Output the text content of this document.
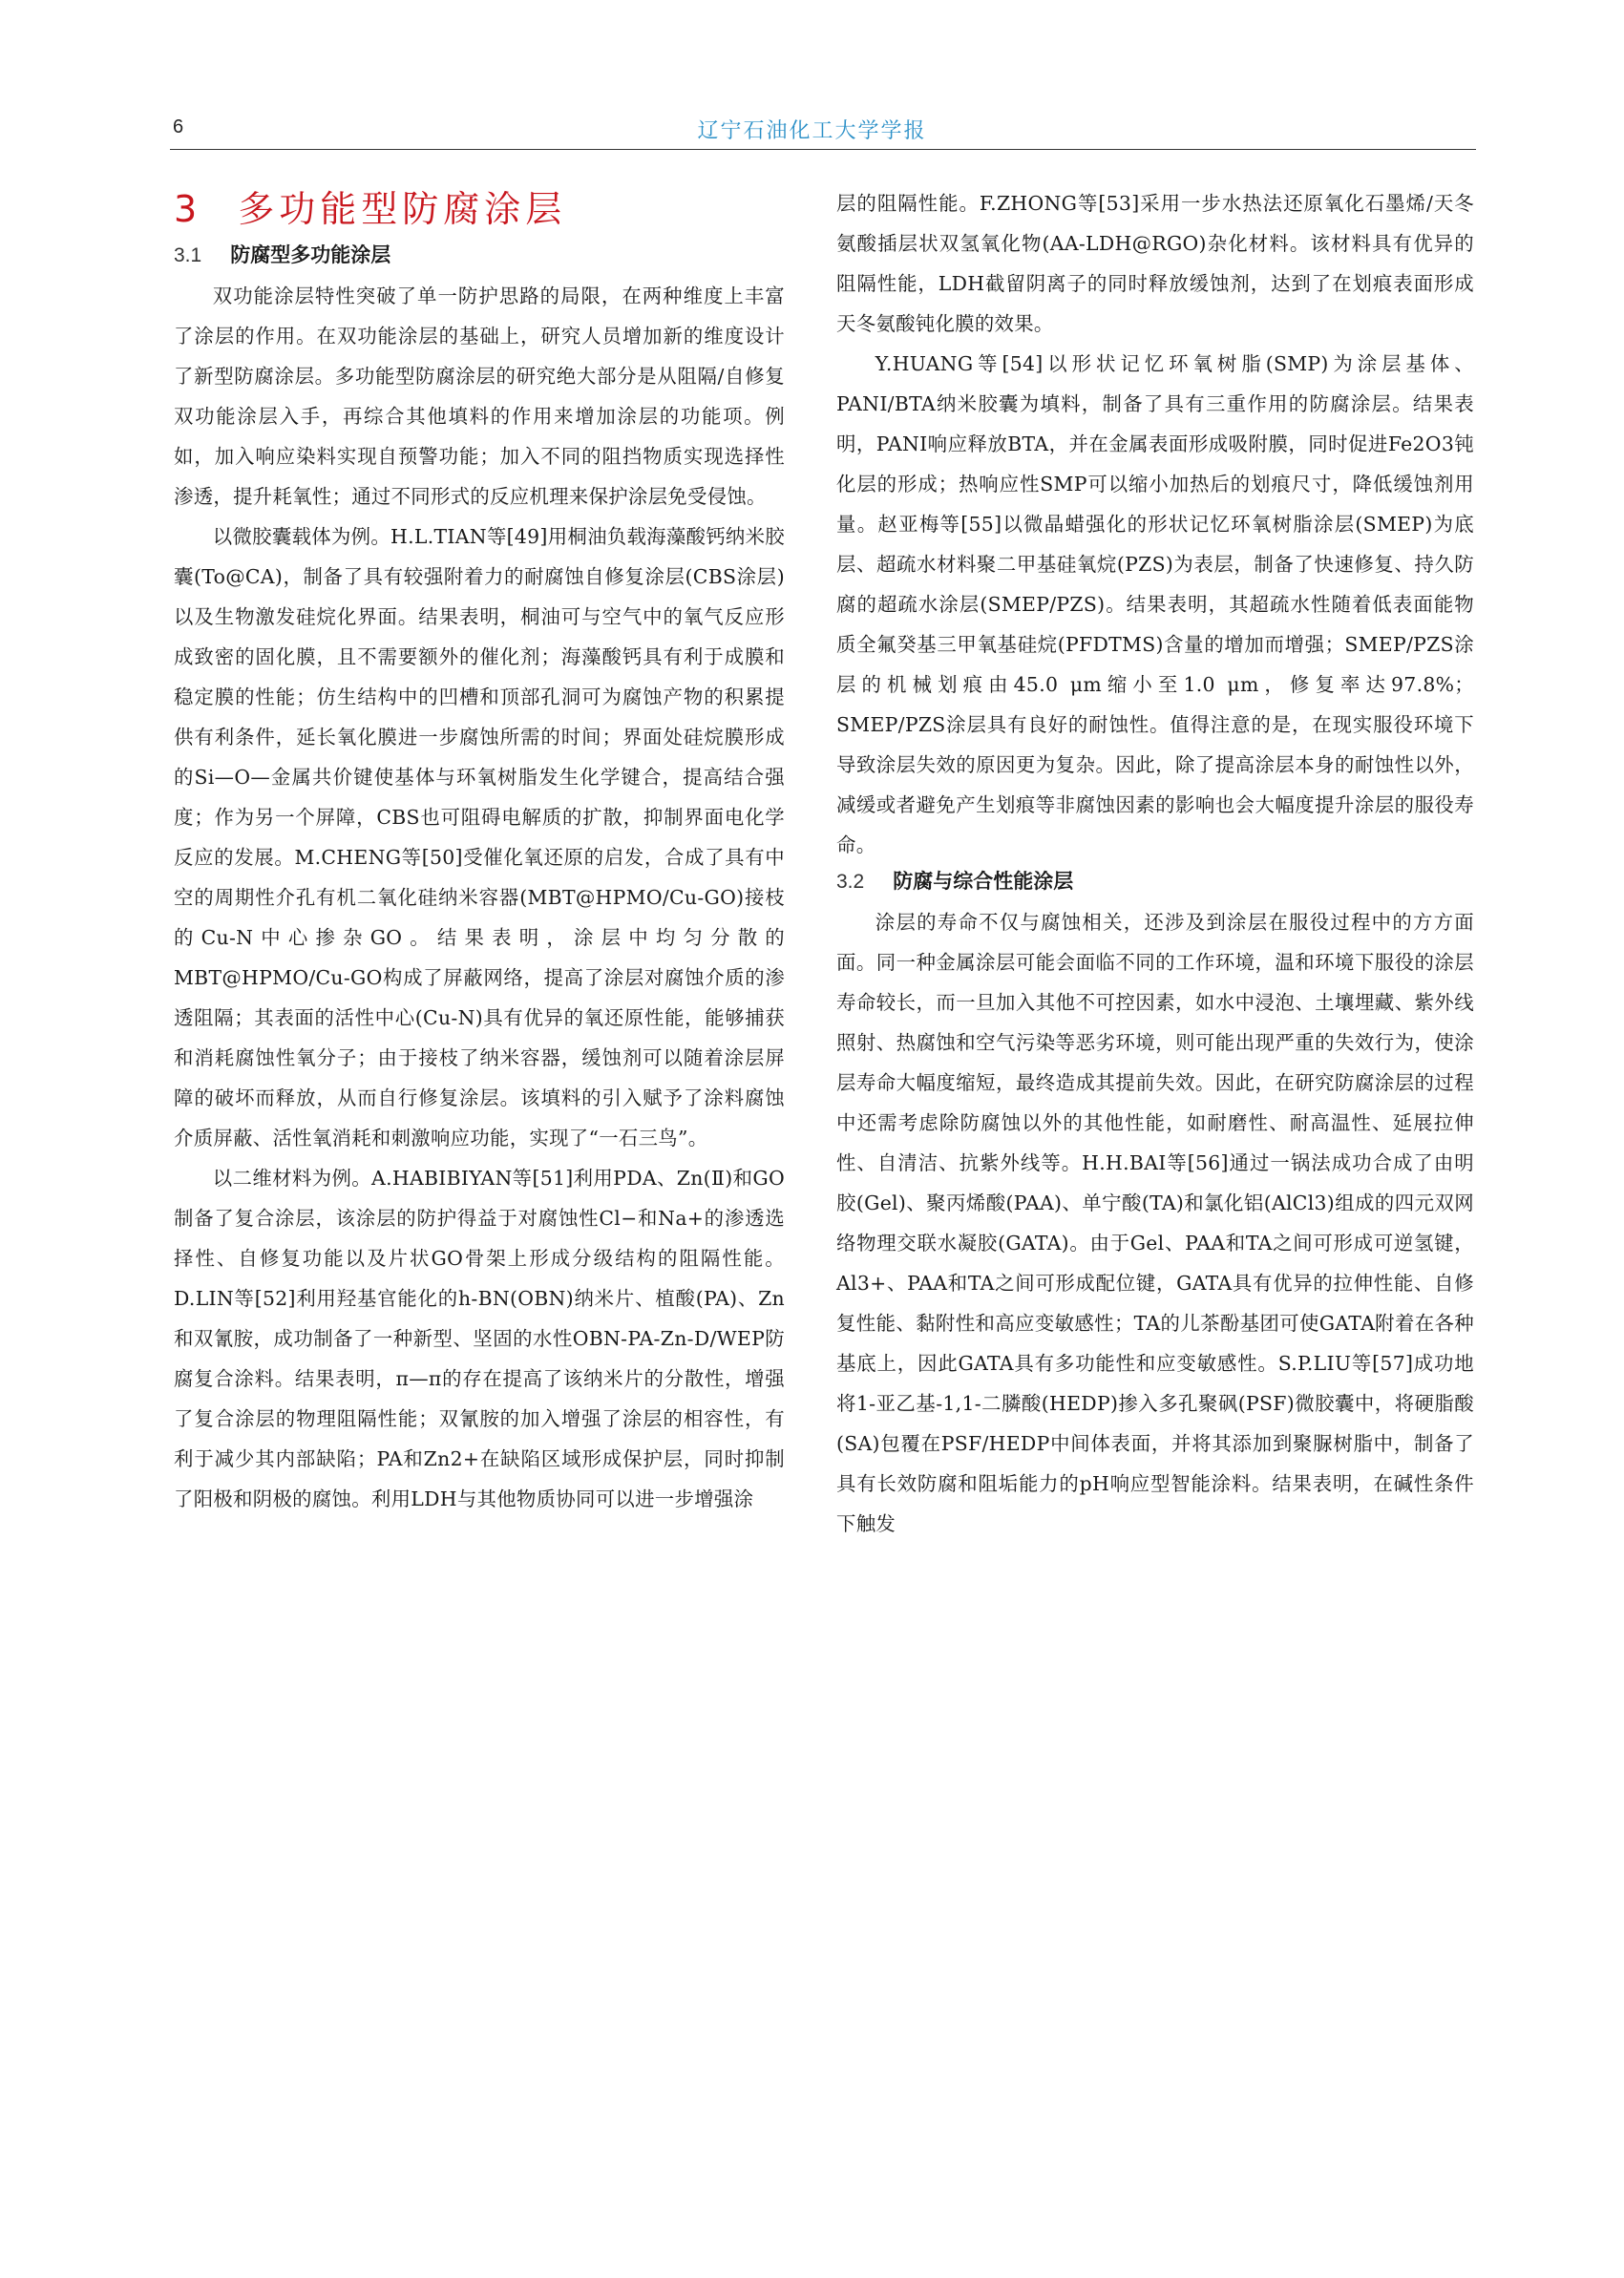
6	辽宁石油化工大学学报
3 多功能型防腐涂层
3.1 防腐型多功能涂层

双功能涂层特性突破了单一防护思路的局限，在两种维度上丰富了涂层的作用。在双功能涂层的基础上，研究人员增加新的维度设计了新型防腐涂层。多功能型防腐涂层的研究绝大部分是从阻隔/自修复双功能涂层入手，再综合其他填料的作用来增加涂层的功能项。例如，加入响应染料实现自预警功能；加入不同的阻挡物质实现选择性渗透，提升耗氧性；通过不同形式的反应机理来保护涂层免受侵蚀。

以微胶囊载体为例。H.L.TIAN等[49]用桐油负载海藻酸钙纳米胶囊(To@CA)，制备了具有较强附着力的耐腐蚀自修复涂层(CBS涂层)以及生物激发硅烷化界面。结果表明，桐油可与空气中的氧气反应形成致密的固化膜，且不需要额外的催化剂；海藻酸钙具有利于成膜和稳定膜的性能；仿生结构中的凹槽和顶部孔洞可为腐蚀产物的积累提供有利条件，延长氧化膜进一步腐蚀所需的时间；界面处硅烷膜形成的Si—O—金属共价键使基体与环氧树脂发生化学键合，提高结合强度；作为另一个屏障，CBS也可阻碍电解质的扩散，抑制界面电化学反应的发展。M.CHENG等[50]受催化氧还原的启发，合成了具有中空的周期性介孔有机二氧化硅纳米容器(MBT@HPMO/Cu-GO)接枝的Cu-N中心掺杂GO。结果表明，涂层中均匀分散的MBT@HPMO/Cu-GO构成了屏蔽网络，提高了涂层对腐蚀介质的渗透阻隔；其表面的活性中心(Cu-N)具有优异的氧还原性能，能够捕获和消耗腐蚀性氧分子；由于接枝了纳米容器，缓蚀剂可以随着涂层屏障的破坏而释放，从而自行修复涂层。该填料的引入赋予了涂料腐蚀介质屏蔽、活性氧消耗和刺激响应功能，实现了“一石三鸟”。

以二维材料为例。A.HABIBIYAN等[51]利用PDA、Zn(Ⅱ)和GO制备了复合涂层，该涂层的防护得益于对腐蚀性Cl−和Na+的渗透选择性、自修复功能以及片状GO骨架上形成分级结构的阻隔性能。D.LIN等[52]利用羟基官能化的h-BN(OBN)纳米片、植酸(PA)、Zn和双氰胺，成功制备了一种新型、坚固的水性OBN-PA-Zn-D/WEP防腐复合涂料。结果表明，π—π的存在提高了该纳米片的分散性，增强了复合涂层的物理阻隔性能；双氰胺的加入增强了涂层的相容性，有利于减少其内部缺陷；PA和Zn2+在缺陷区域形成保护层，同时抑制了阳极和阴极的腐蚀。利用LDH与其他物质协同可以进一步增强涂

层的阻隔性能。F.ZHONG等[53]采用一步水热法还原氧化石墨烯/天冬氨酸插层状双氢氧化物(AA-LDH@RGO)杂化材料。该材料具有优异的阻隔性能，LDH截留阴离子的同时释放缓蚀剂，达到了在划痕表面形成天冬氨酸钝化膜的效果。

Y.HUANG等[54]以形状记忆环氧树脂(SMP)为涂层基体、PANI/BTA纳米胶囊为填料，制备了具有三重作用的防腐涂层。结果表明，PANI响应释放BTA，并在金属表面形成吸附膜，同时促进Fe2O3钝化层的形成；热响应性SMP可以缩小加热后的划痕尺寸，降低缓蚀剂用量。赵亚梅等[55]以微晶蜡强化的形状记忆环氧树脂涂层(SMEP)为底层、超疏水材料聚二甲基硅氧烷(PZS)为表层，制备了快速修复、持久防腐的超疏水涂层(SMEP/PZS)。结果表明，其超疏水性随着低表面能物质全氟癸基三甲氧基硅烷(PFDTMS)含量的增加而增强；SMEP/PZS涂层的机械划痕由45.0 μm缩小至1.0 μm，修复率达97.8%；SMEP/PZS涂层具有良好的耐蚀性。值得注意的是，在现实服役环境下导致涂层失效的原因更为复杂。因此，除了提高涂层本身的耐蚀性以外，减缓或者避免产生划痕等非腐蚀因素的影响也会大幅度提升涂层的服役寿命。

3.2 防腐与综合性能涂层

涂层的寿命不仅与腐蚀相关，还涉及到涂层在服役过程中的方方面面。同一种金属涂层可能会面临不同的工作环境，温和环境下服役的涂层寿命较长，而一旦加入其他不可控因素，如水中浸泡、土壤埋藏、紫外线照射、热腐蚀和空气污染等恶劣环境，则可能出现严重的失效行为，使涂层寿命大幅度缩短，最终造成其提前失效。因此，在研究防腐涂层的过程中还需考虑除防腐蚀以外的其他性能，如耐磨性、耐高温性、延展拉伸性、自清洁、抗紫外线等。H.H.BAI等[56]通过一锅法成功合成了由明胶(Gel)、聚丙烯酸(PAA)、单宁酸(TA)和氯化铝(AlCl3)组成的四元双网络物理交联水凝胶(GATA)。由于Gel、PAA和TA之间可形成可逆氢键，Al3+、PAA和TA之间可形成配位键，GATA具有优异的拉伸性能、自修复性能、黏附性和高应变敏感性；TA的儿茶酚基团可使GATA附着在各种基底上，因此GATA具有多功能性和应变敏感性。S.P.LIU等[57]成功地将1-亚乙基-1,1-二膦酸(HEDP)掺入多孔聚砜(PSF)微胶囊中，将硬脂酸(SA)包覆在PSF/HEDP中间体表面，并将其添加到聚脲树脂中，制备了具有长效防腐和阻垢能力的pH响应型智能涂料。结果表明，在碱性条件下触发
